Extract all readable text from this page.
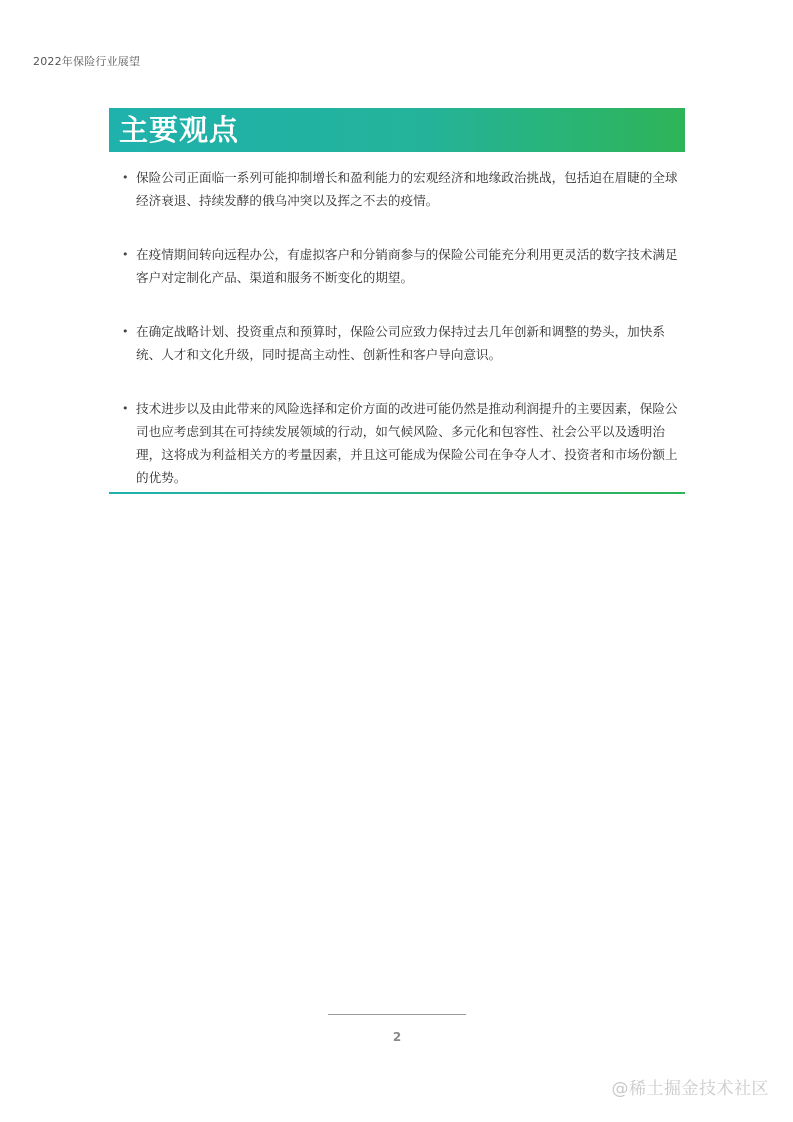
2022年保险行业展望
主要观点
• 保险公司正面临一系列可能抑制增长和盈利能力的宏观经济和地缘政治挑战，包括迫在眉睫的全球经济衰退、持续发酵的俄乌冲突以及挥之不去的疫情。
• 在疫情期间转向远程办公，有虚拟客户和分销商参与的保险公司能充分利用更灵活的数字技术满足客户对定制化产品、渠道和服务不断变化的期望。
• 在确定战略计划、投资重点和预算时，保险公司应致力保持过去几年创新和调整的势头，加快系统、人才和文化升级，同时提高主动性、创新性和客户导向意识。
• 技术进步以及由此带来的风险选择和定价方面的改进可能仍然是推动利润提升的主要因素，保险公司也应考虑到其在可持续发展领域的行动，如气候风险、多元化和包容性、社会公平以及透明治理，这将成为利益相关方的考量因素，并且这可能成为保险公司在争夺人才、投资者和市场份额上的优势。
2
@稀土掘金技术社区
